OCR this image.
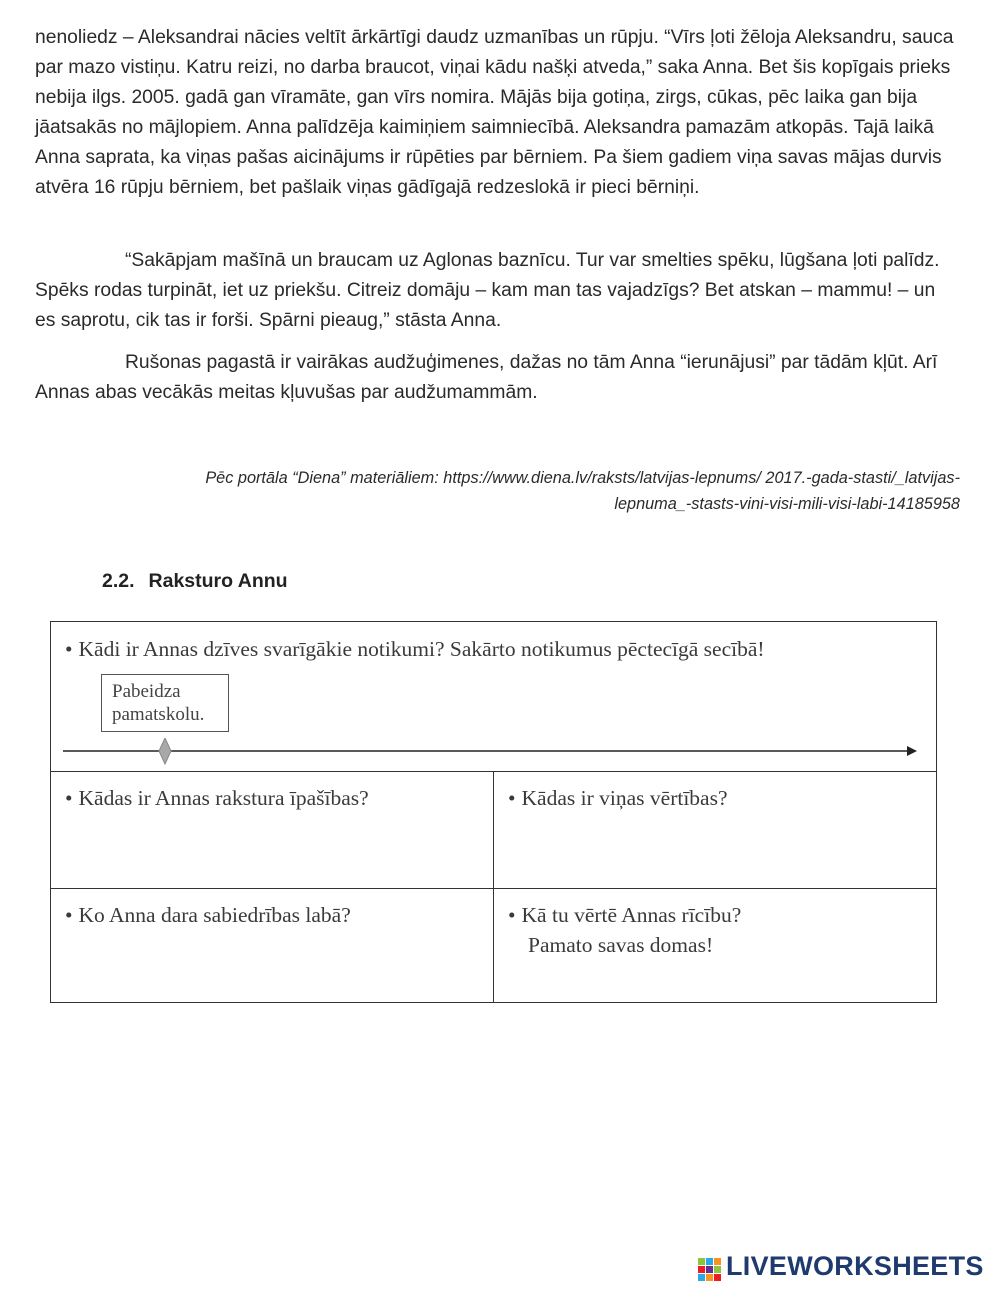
nenoliedz – Aleksandrai nācies veltīt ārkārtīgi daudz uzmanības un rūpju. “Vīrs ļoti žēloja Aleksandru, sauca par mazo vistiņu. Katru reizi, no darba braucot, viņai kādu našķi atveda,” saka Anna. Bet šis kopīgais prieks nebija ilgs. 2005. gadā gan vīramāte, gan vīrs nomira. Mājās bija gotiņa, zirgs, cūkas, pēc laika gan bija jāatsakās no mājlopiem. Anna palīdzēja kaimiņiem saimniecībā. Aleksandra pamazām atkopās. Tajā laikā Anna saprata, ka viņas pašas aicinājums ir rūpēties par bērniem. Pa šiem gadiem viņa savas mājas durvis atvēra 16 rūpju bērniem, bet pašlaik viņas gādīgajā redzeslokā ir pieci bērniņi.
“Sakāpjam mašīnā un braucam uz Aglonas baznīcu. Tur var smelties spēku, lūgšana ļoti palīdz. Spēks rodas turpināt, iet uz priekšu. Citreiz domāju – kam man tas vajadzīgs? Bet atskan – mammu! – un es saprotu, cik tas ir forši. Spārni pieaug,” stāsta Anna.
Rušonas pagastā ir vairākas audžuģimenes, dažas no tām Anna “ierunājusi” par tādām kļūt. Arī Annas abas vecākās meitas kļuvušas par audžumammām.
Pēc portāla “Diena” materiāliem: https://www.diena.lv/raksts/latvijas-lepnums/ 2017.-gada-stasti/_latvijas-
lepnuma_-stasts-vini-visi-mili-visi-labi-14185958
2.2. Raksturo Annu
• Kādi ir Annas dzīves svarīgākie notikumi? Sakārto notikumus pēctecīgā secībā!
Pabeidza
pamatskolu.
• Kādas ir Annas rakstura īpašības?	• Kādas ir viņas vērtības?
• Ko Anna dara sabiedrības labā?	• Kā tu vērtē Annas rīcību?
Pamato savas domas!
LIVEWORKSHEETS
